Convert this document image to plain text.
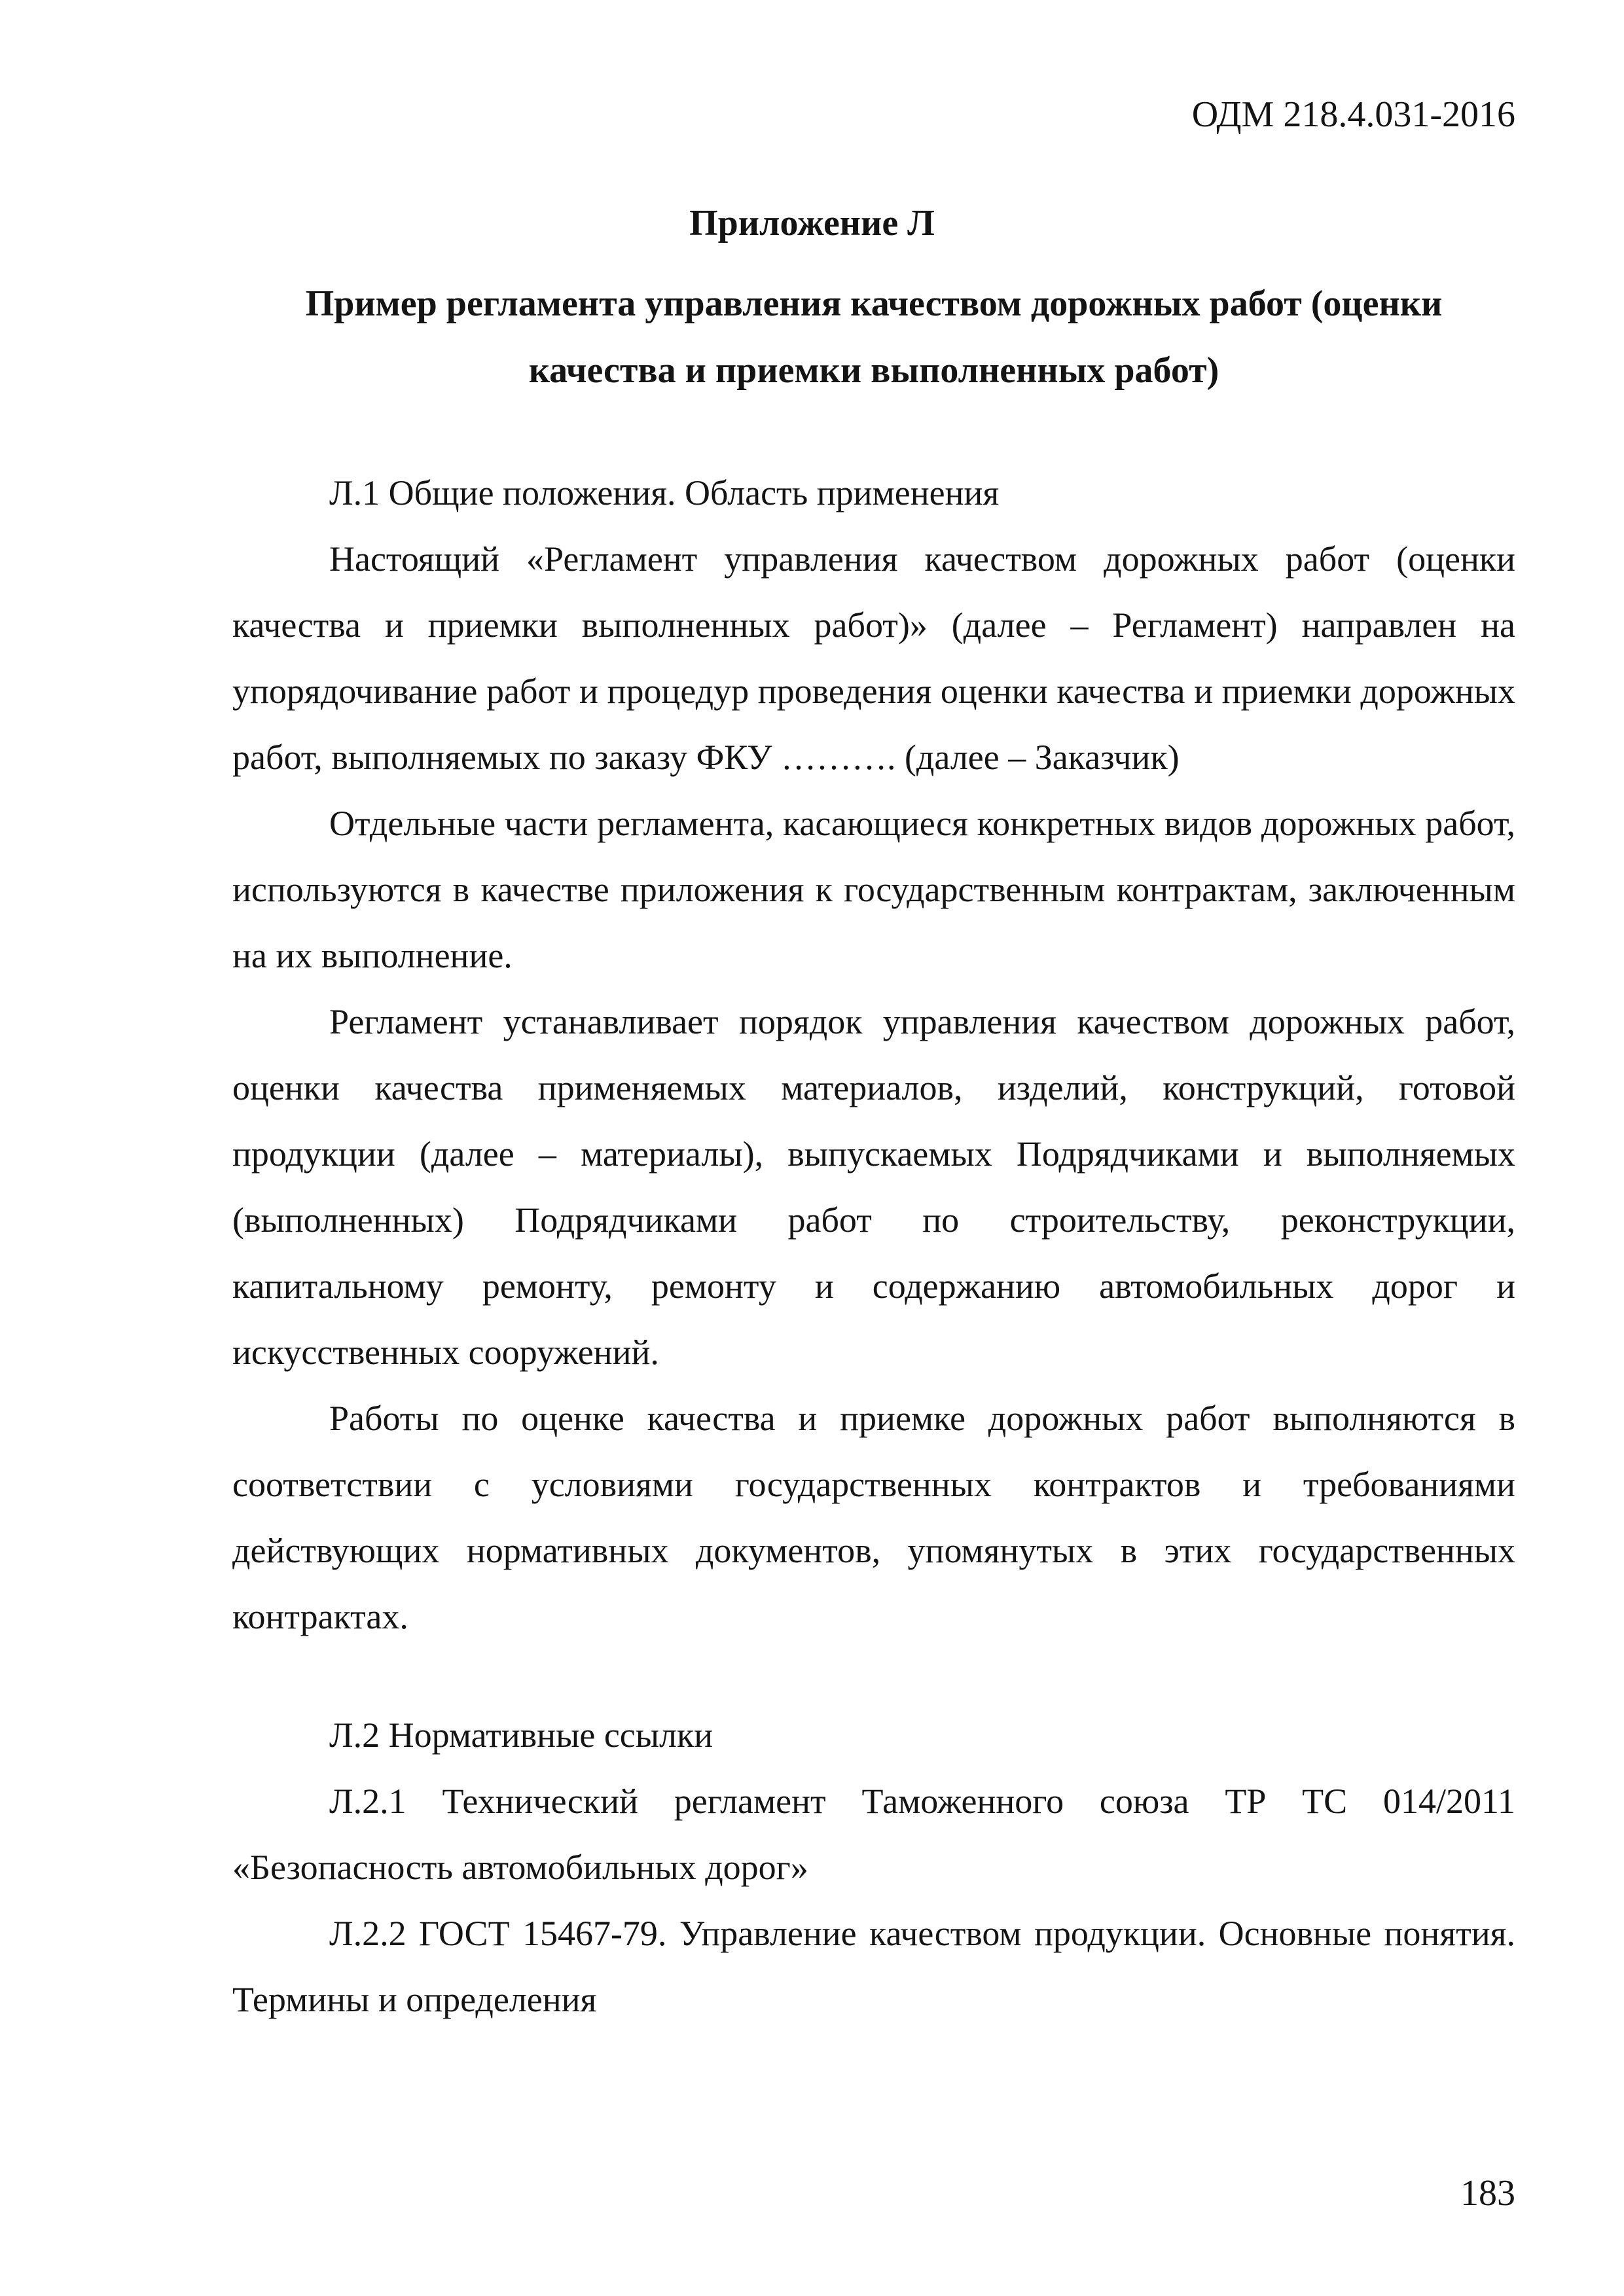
ОДМ 218.4.031-2016
Приложение Л
Пример регламента управления качеством дорожных работ (оценки качества и приемки выполненных работ)

Л.1 Общие положения. Область применения

Настоящий «Регламент управления качеством дорожных работ (оценки качества и приемки выполненных работ)» (далее – Регламент) направлен на упорядочивание работ и процедур проведения оценки качества и приемки дорожных работ, выполняемых по заказу ФКУ ………. (далее – Заказчик)

Отдельные части регламента, касающиеся конкретных видов дорожных работ, используются в качестве приложения к государственным контрактам, заключенным на их выполнение.

Регламент устанавливает порядок управления качеством дорожных работ, оценки качества применяемых материалов, изделий, конструкций, готовой продукции (далее – материалы), выпускаемых Подрядчиками и выполняемых (выполненных) Подрядчиками работ по строительству, реконструкции, капитальному ремонту, ремонту и содержанию автомобильных дорог и искусственных сооружений.

Работы по оценке качества и приемке дорожных работ выполняются в соответствии с условиями государственных контрактов и требованиями действующих нормативных документов, упомянутых в этих государственных контрактах.

Л.2 Нормативные ссылки

Л.2.1 Технический регламент Таможенного союза ТР ТС 014/2011 «Безопасность автомобильных дорог»

Л.2.2 ГОСТ 15467-79. Управление качеством продукции. Основные понятия. Термины и определения

183
